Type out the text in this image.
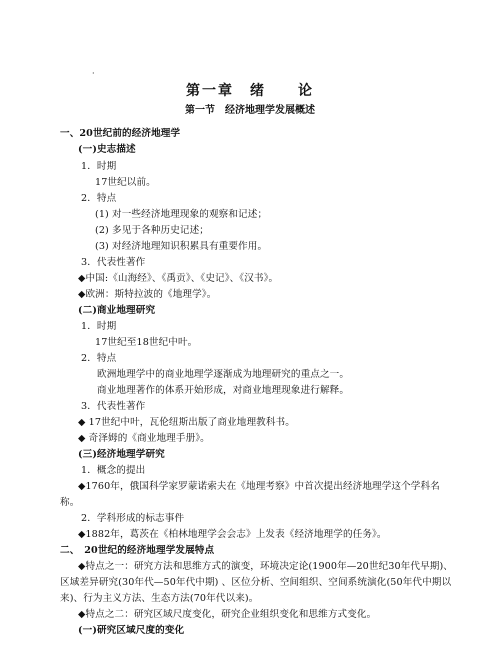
·
第一章　绪　　论
第一节　经济地理学发展概述
一、20世纪前的经济地理学
(一)史志描述
1．时期
17世纪以前。
2．特点
(1) 对一些经济地理现象的观察和记述；
(2) 多见于各种历史记述；
(3) 对经济地理知识积累具有重要作用。
3．代表性著作
◆中国:《山海经》、《禹贡》、《史记》、《汉书》。
◆欧洲：斯特拉波的《地理学》。
(二)商业地理研究
1．时期
17世纪至18世纪中叶。
2．特点
欧洲地理学中的商业地理学逐渐成为地理研究的重点之一。
商业地理著作的体系开始形成，对商业地理现象进行解释。
3．代表性著作
◆ 17世纪中叶，瓦伦纽斯出版了商业地理教科书。
◆ 奇泽姆的《商业地理手册》。
(三)经济地理学研究
1．概念的提出
◆1760年，俄国科学家罗蒙诺索夫在《地理考察》中首次提出经济地理学这个学科名
称。
2．学科形成的标志事件
◆1882年，葛茨在《柏林地理学会会志》上发表《经济地理学的任务》。
二、　20世纪的经济地理学发展特点
◆特点之一：研究方法和思维方式的演变，环境决定论(1900年—20世纪30年代早期)、
区域差异研究(30年代—50年代中期) 、区位分析、空间组织、空间系统演化(50年代中期以
来)、行为主义方法、生态方法(70年代以来)。
◆特点之二：研究区域尺度变化，研究企业组织变化和思维方式变化。
(一)研究区域尺度的变化
